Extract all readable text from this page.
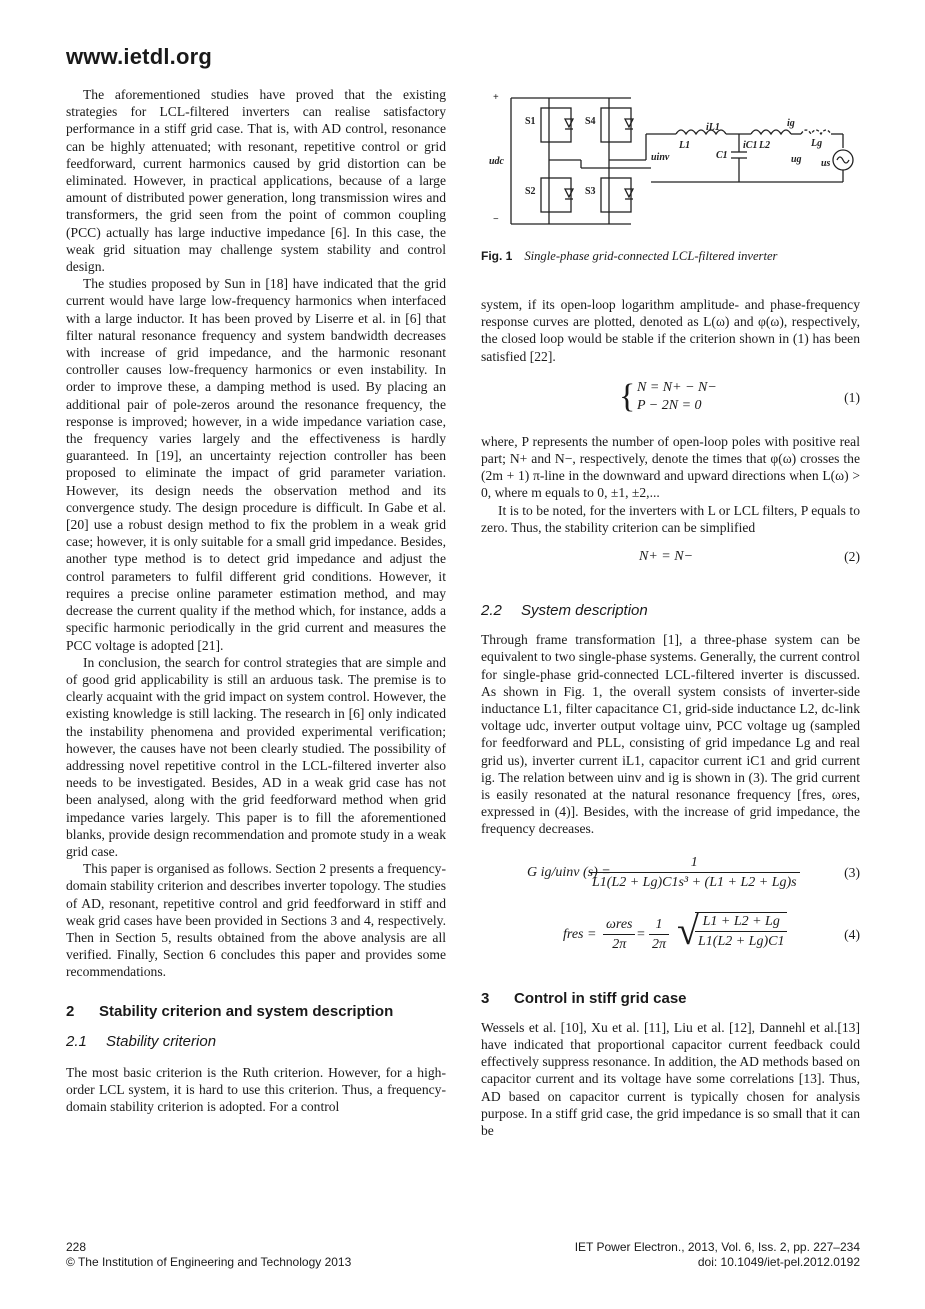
www.ietdl.org

The aforementioned studies have proved that the existing strategies for LCL-filtered inverters can realise satisfactory performance in a stiff grid case. That is, with AD control, resonance can be highly attenuated; with resonant, repetitive control or grid feedforward, current harmonics caused by grid distortion can be eliminated. However, in practical applications, because of a large amount of distributed power generation, long transmission wires and transformers, the grid seen from the point of common coupling (PCC) actually has large inductive impedance [6]. In this case, the weak grid situation may challenge system stability and control design.

The studies proposed by Sun in [18] have indicated that the grid current would have large low-frequency harmonics when interfaced with a large inductor. It has been proved by Liserre et al. in [6] that filter natural resonance frequency and system bandwidth decreases with increase of grid impedance, and the harmonic resonant controller causes low-frequency harmonics or even instability. In order to improve these, a damping method is used. By placing an additional pair of pole-zeros around the resonance frequency, the response is improved; however, in a wide impedance variation case, the frequency varies largely and the effectiveness is hardly guaranteed. In [19], an uncertainty rejection controller has been proposed to eliminate the impact of grid parameter variation. However, its design needs the observation method and its convergence study. The design procedure is difficult. In Gabe et al. [20] use a robust design method to fix the problem in a weak grid case; however, it is only suitable for a small grid impedance. Besides, another type method is to detect grid impedance and adjust the control parameters to fulfil different grid conditions. However, it requires a precise online parameter estimation method, and may decrease the current quality if the method which, for instance, adds a specific harmonic periodically in the grid current and measures the PCC voltage is adopted [21].

In conclusion, the search for control strategies that are simple and of good grid applicability is still an arduous task. The premise is to clearly acquaint with the grid impact on system control. However, the existing knowledge is still lacking. The research in [6] only indicated the instability phenomena and provided experimental verification; however, the causes have not been clearly studied. The possibility of addressing novel repetitive control in the LCL-filtered inverter also needs to be investigated. Besides, AD in a weak grid case has not been analysed, along with the grid feedforward method when grid impedance varies largely. This paper is to fill the aforementioned blanks, provide design recommendation and promote study in a weak grid case.

This paper is organised as follows. Section 2 presents a frequency-domain stability criterion and describes inverter topology. The studies of AD, resonant, repetitive control and grid feedforward in stiff and weak grid cases have been provided in Sections 3 and 4, respectively. Then in Section 5, results obtained from the above analysis are all verified. Finally, Section 6 concludes this paper and provides some recommendations.

2 Stability criterion and system description
2.1 Stability criterion

The most basic criterion is the Ruth criterion. However, for a high-order LCL system, it is hard to use this criterion. Thus, a frequency-domain stability criterion is adopted. For a control

+
−
S1
S2	S3
S4
udc	uinv
L1
iL1
C1
iC1 L2
ig
Lg
ug us
Fig. 1 Single-phase grid-connected LCL-filtered inverter

system, if its open-loop logarithm amplitude- and phase-frequency response curves are plotted, denoted as L(ω) and φ(ω), respectively, the closed loop would be stable if the criterion shown in (1) has been satisfied [22].

{ N = N+ − N−
P − 2N = 0
(1)

where, P represents the number of open-loop poles with positive real part; N+ and N−, respectively, denote the times that φ(ω) crosses the (2m + 1) π-line in the downward and upward directions when L(ω) > 0, where m equals to 0, ±1, ±2,...

It is to be noted, for the inverters with L or LCL filters, P equals to zero. Thus, the stability criterion can be simplified

N+ = N−	(2)
2.2 System description

Through frame transformation [1], a three-phase system can be equivalent to two single-phase systems. Generally, the current control for single-phase grid-connected LCL-filtered inverter is discussed. As shown in Fig. 1, the overall system consists of inverter-side inductance L1, filter capacitance C1, grid-side inductance L2, dc-link voltage udc, inverter output voltage uinv, PCC voltage ug (sampled for feedforward and PLL, consisting of grid impedance Lg and real grid us), inverter current iL1, capacitor current iC1 and grid current ig. The relation between uinv and ig is shown in (3). The grid current is easily resonated at the natural resonance frequency [fres, ωres, expressed in (4)]. Besides, with the increase of grid impedance, the frequency decreases.

G ig/uinv (s) =
$\frac{1}{\text{L1(L2 + Lg)C1s³ + (L1 + L2 + Lg)s}}$	(3)
fres =
ωres
2π
= $\frac{1}{2\pi}$ √
$\frac{L1 + L2 + Lg}{L1(L2 + Lg)C1}$	(4)
3 Control in stiff grid case

Wessels et al. [10], Xu et al. [11], Liu et al. [12], Dannehl et al.[13] have indicated that proportional capacitor current feedback could effectively suppress resonance. In addition, the AD methods based on capacitor current and its voltage have some correlations [13]. Thus, AD based on capacitor current is typically chosen for analysis purpose. In a stiff grid case, the grid impedance is so small that it can be

228
© The Institution of Engineering and Technology 2013
IET Power Electron., 2013, Vol. 6, Iss. 2, pp. 227–234
doi: 10.1049/iet-pel.2012.0192
